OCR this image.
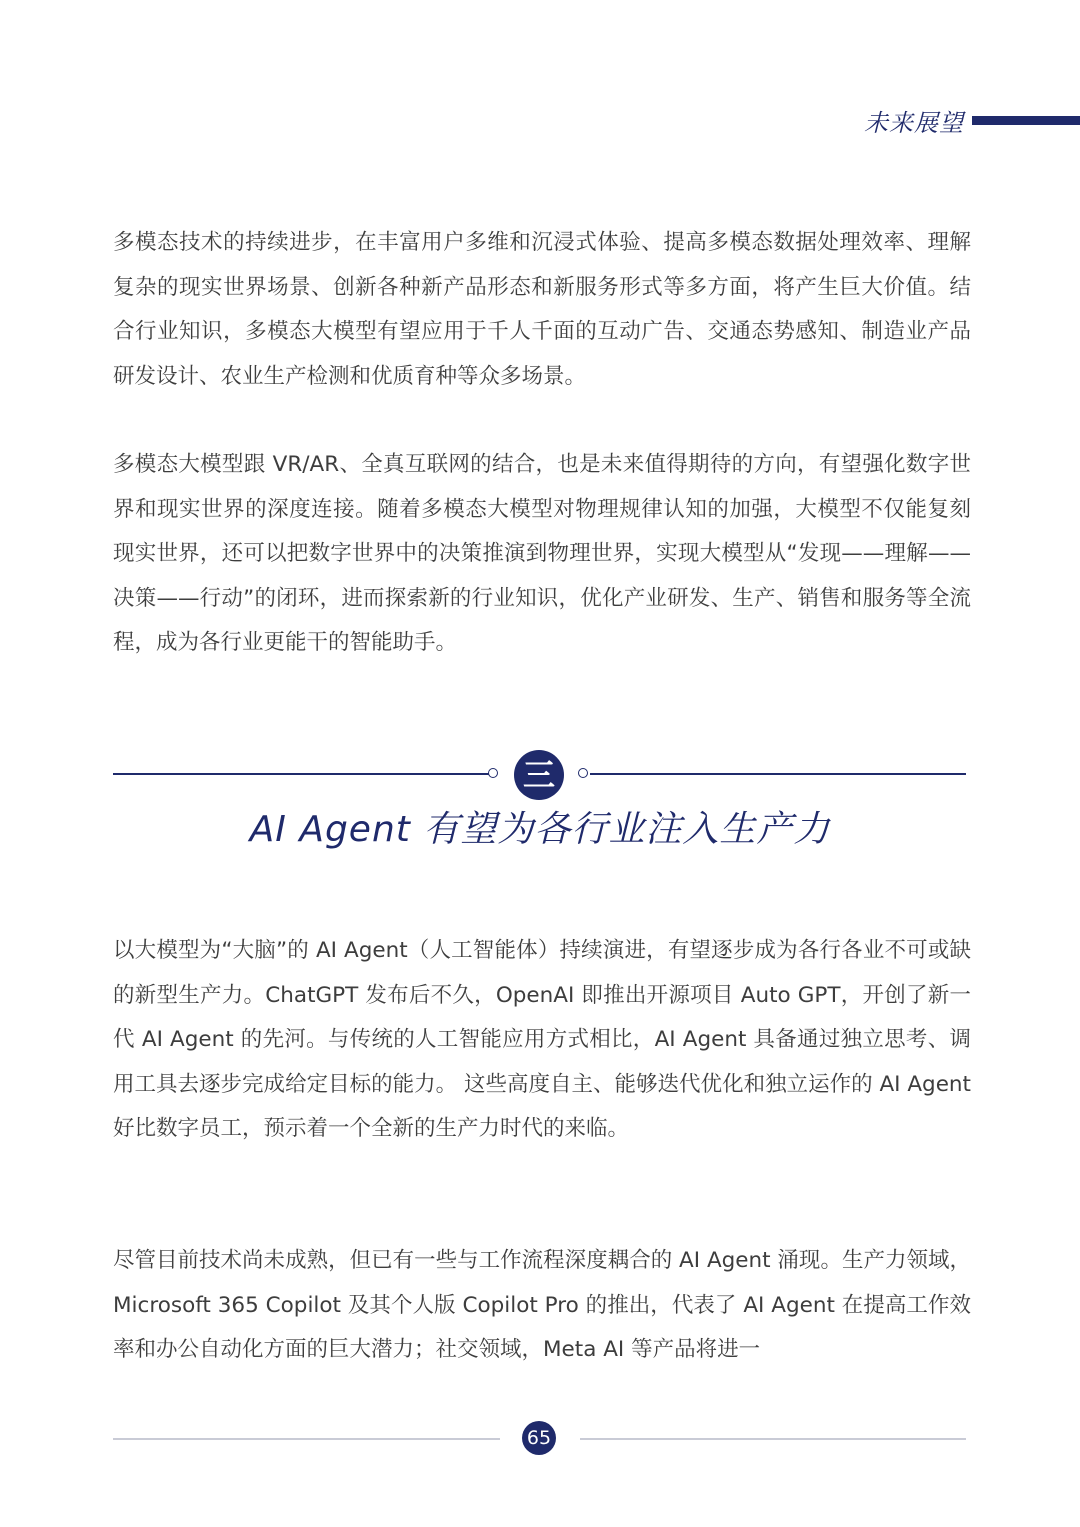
未来展望

多模态技术的持续进步，在丰富用户多维和沉浸式体验、提高多模态数据处理效率、理解复杂的现实世界场景、创新各种新产品形态和新服务形式等多方面，将产生巨大价值。结合行业知识，多模态大模型有望应用于千人千面的互动广告、交通态势感知、制造业产品研发设计、农业生产检测和优质育种等众多场景。

多模态大模型跟 VR/AR、全真互联网的结合，也是未来值得期待的方向，有望强化数字世界和现实世界的深度连接。随着多模态大模型对物理规律认知的加强，大模型不仅能复刻现实世界，还可以把数字世界中的决策推演到物理世界，实现大模型从“发现——理解——决策——行动”的闭环，进而探索新的行业知识，优化产业研发、生产、销售和服务等全流程，成为各行业更能干的智能助手。

三
AI Agent 有望为各行业注入生产力

以大模型为“大脑”的 AI Agent（人工智能体）持续演进，有望逐步成为各行各业不可或缺的新型生产力。ChatGPT 发布后不久，OpenAI 即推出开源项目 Auto GPT，开创了新一代 AI Agent 的先河。与传统的人工智能应用方式相比，AI Agent 具备通过独立思考、调用工具去逐步完成给定目标的能力。 这些高度自主、能够迭代优化和独立运作的 AI Agent 好比数字员工，预示着一个全新的生产力时代的来临。

尽管目前技术尚未成熟，但已有一些与工作流程深度耦合的 AI Agent 涌现。生产力领域，Microsoft 365 Copilot 及其个人版 Copilot Pro 的推出，代表了 AI Agent 在提高工作效率和办公自动化方面的巨大潜力；社交领域，Meta AI 等产品将进一

65
